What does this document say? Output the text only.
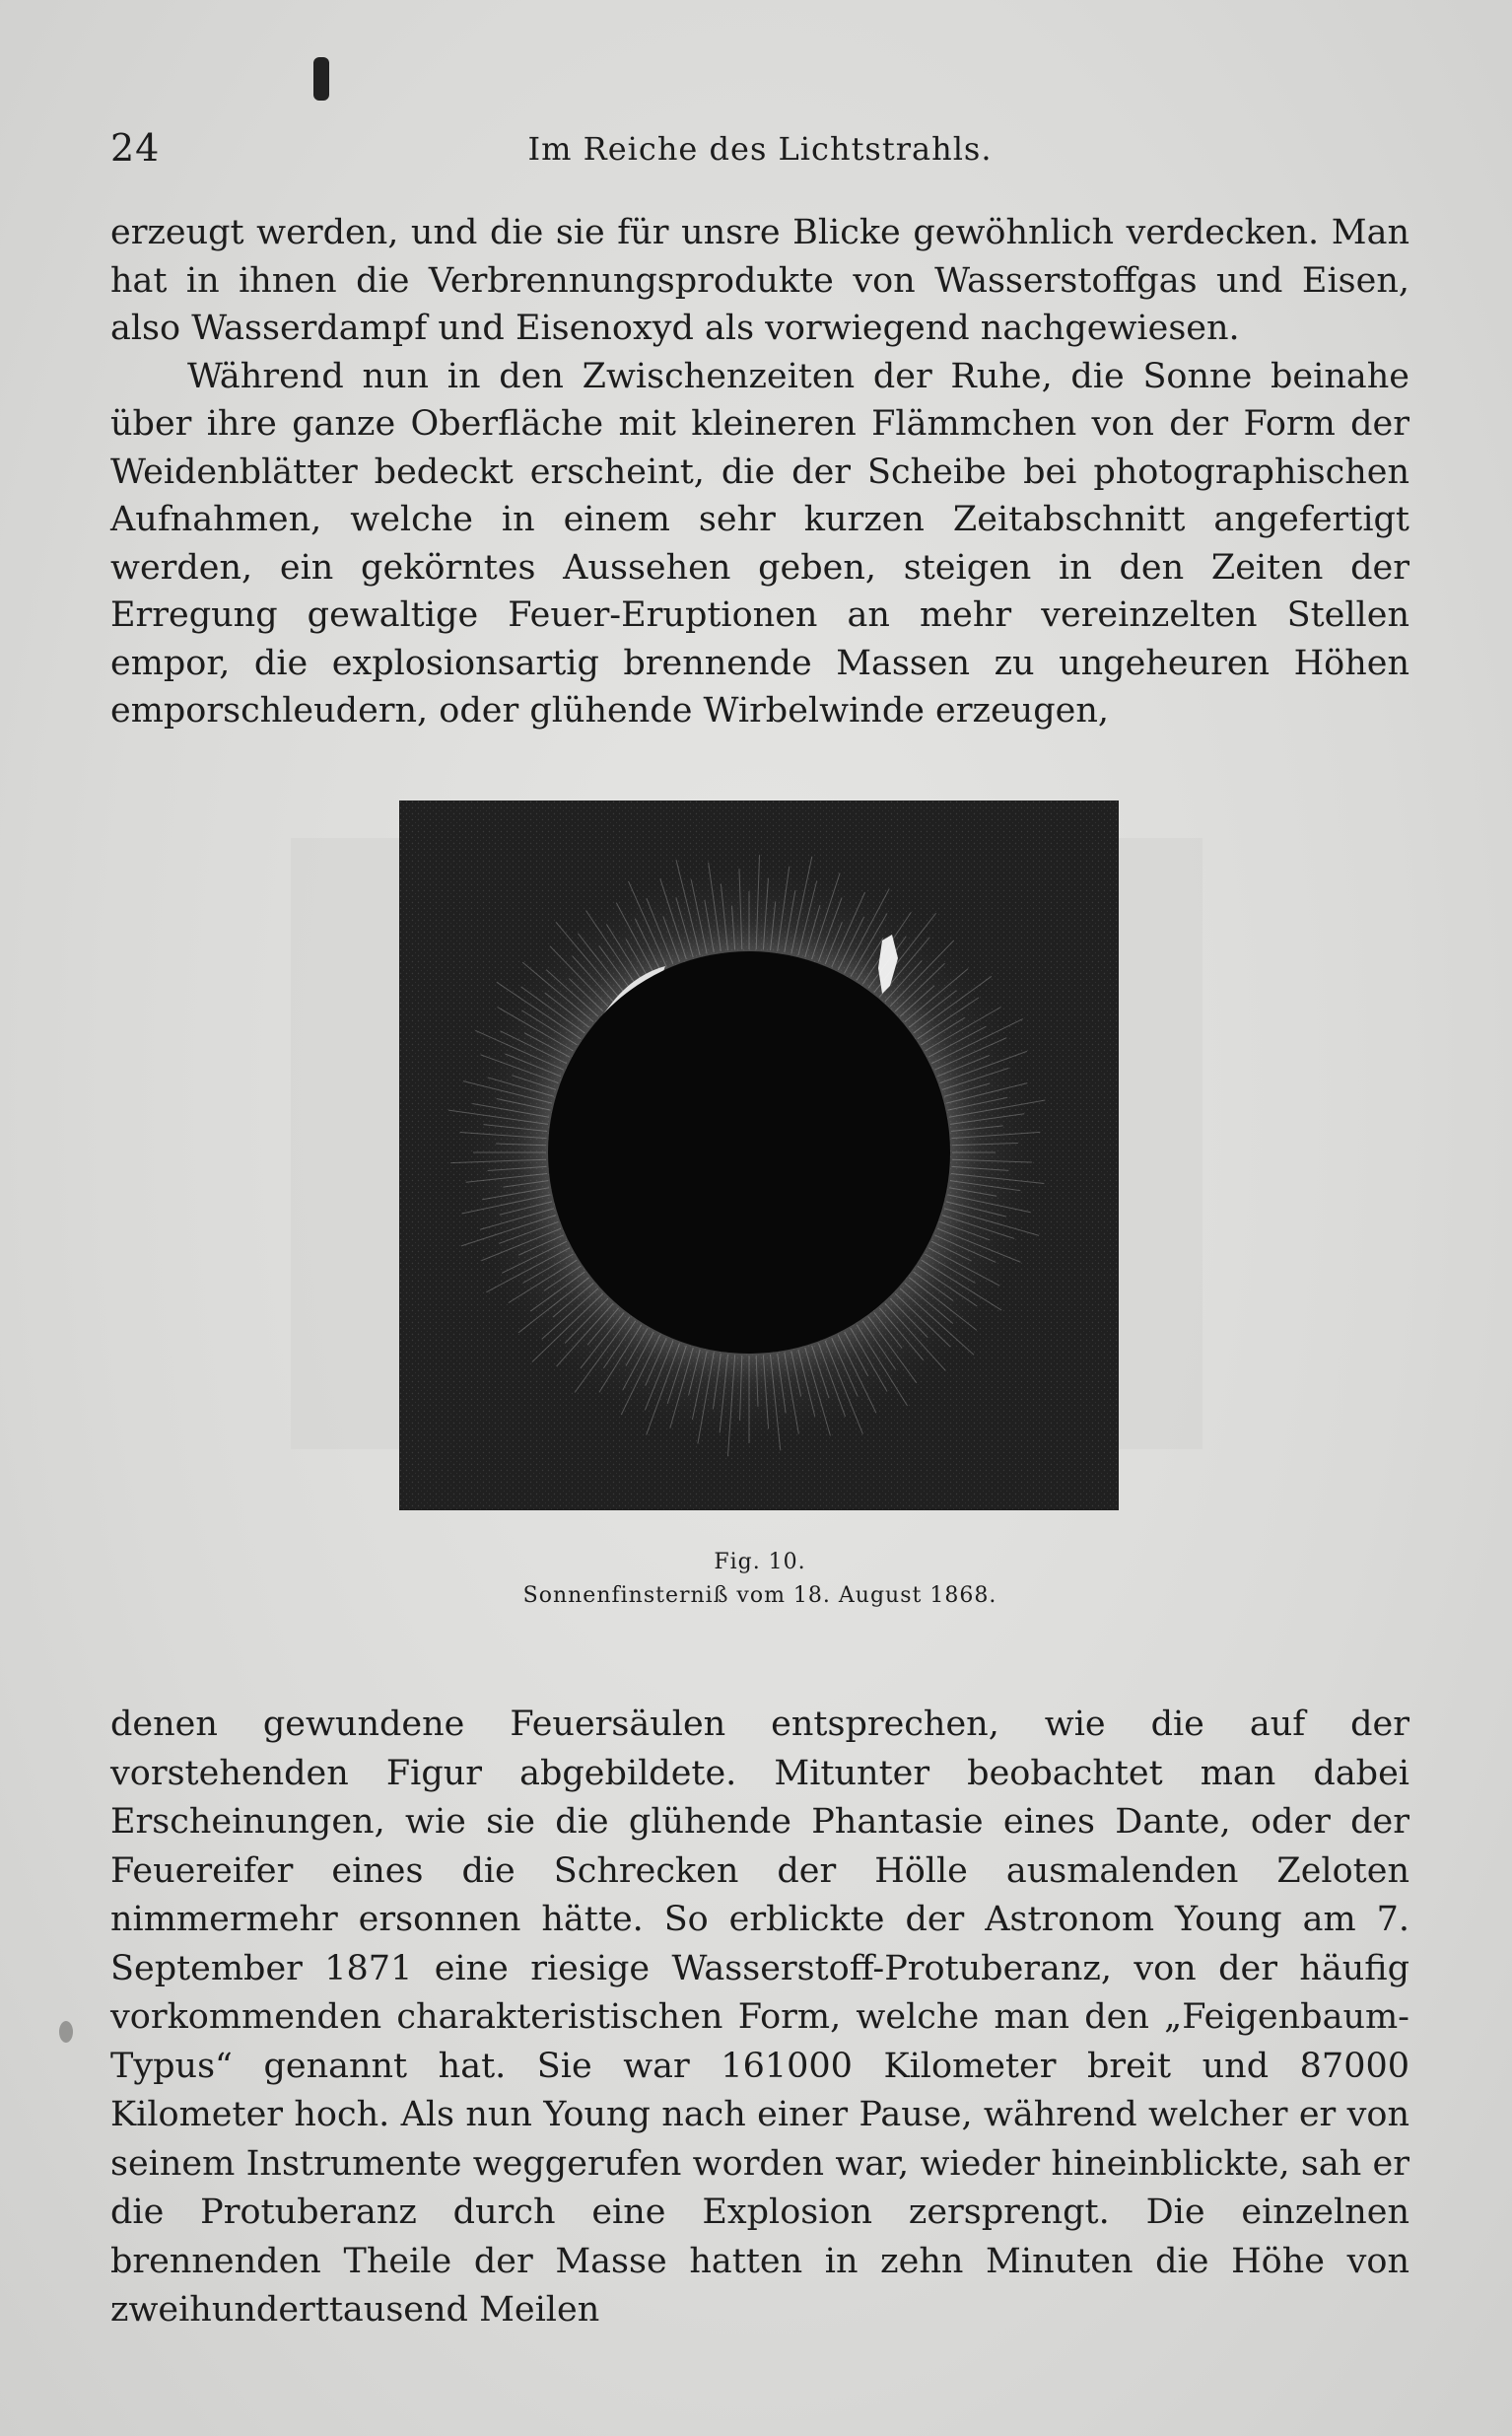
24	Im Reiche des Lichtstrahls.

erzeugt werden, und die sie für unsre Blicke gewöhnlich verdecken. Man hat in ihnen die Verbrennungsprodukte von Wasserstoffgas und Eisen, also Wasserdampf und Eisenoxyd als vorwiegend nachgewiesen.

Während nun in den Zwischenzeiten der Ruhe, die Sonne beinahe über ihre ganze Oberfläche mit kleineren Flämmchen von der Form der Weidenblätter bedeckt erscheint, die der Scheibe bei photographischen Aufnahmen, welche in einem sehr kurzen Zeitabschnitt angefertigt werden, ein gekörntes Aussehen geben, steigen in den Zeiten der Erregung gewaltige Feuer-Eruptionen an mehr vereinzelten Stellen empor, die explosionsartig brennende Massen zu ungeheuren Höhen emporschleudern, oder glühende Wirbelwinde erzeugen,

Fig. 10.
Sonnenfinsterniß vom 18. August 1868.

denen gewundene Feuersäulen entsprechen, wie die auf der vorstehenden Figur abgebildete. Mitunter beobachtet man dabei Erscheinungen, wie sie die glühende Phantasie eines Dante, oder der Feuereifer eines die Schrecken der Hölle ausmalenden Zeloten nimmermehr ersonnen hätte. So erblickte der Astronom Young am 7. September 1871 eine riesige Wasserstoff-Protuberanz, von der häufig vorkommenden charakteristischen Form, welche man den „Feigenbaum-Typus“ genannt hat. Sie war 161000 Kilometer breit und 87000 Kilometer hoch. Als nun Young nach einer Pause, während welcher er von seinem Instrumente weggerufen worden war, wieder hineinblickte, sah er die Protuberanz durch eine Explosion zersprengt. Die einzelnen brennenden Theile der Masse hatten in zehn Minuten die Höhe von zweihunderttausend Meilen
